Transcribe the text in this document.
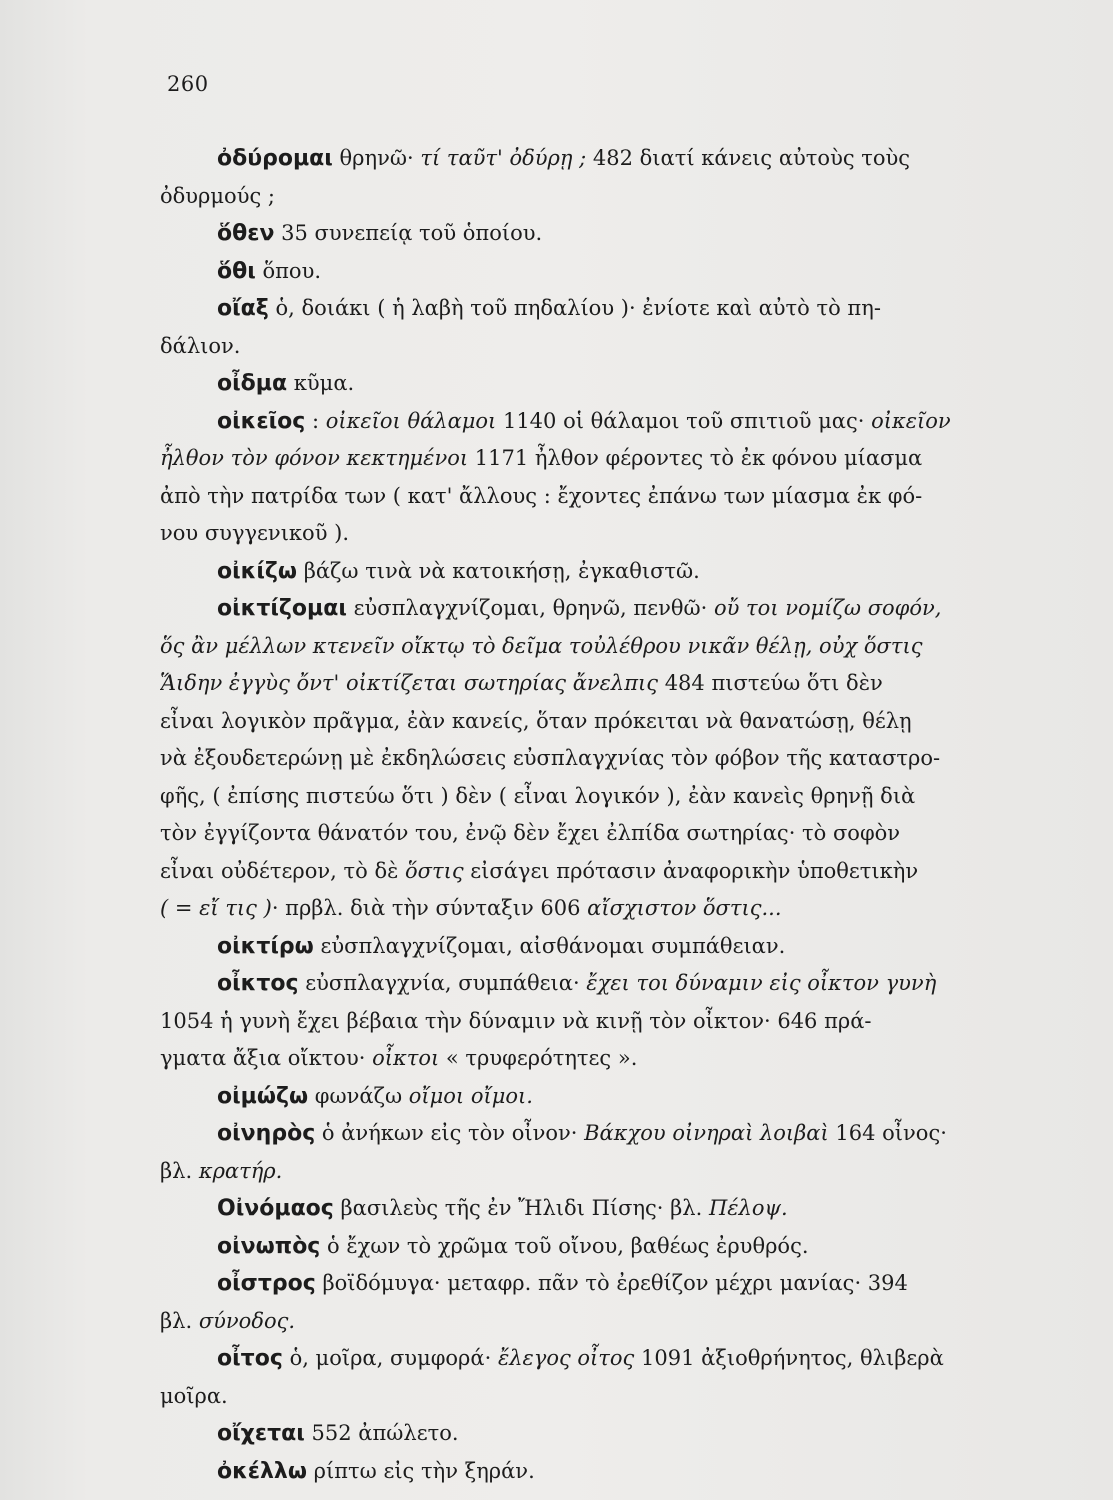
260
ὀδύρομαι θρηνῶ· τί ταῦτ' ὀδύρῃ ; 482 διατί κάνεις αὐτοὺς τοὺς
ὀδυρμούς ;
ὅθεν 35 συνεπείᾳ τοῦ ὁποίου.
ὅθι ὅπου.
οἴαξ ὁ, δοιάκι ( ἡ λαβὴ τοῦ πηδαλίου )· ἐνίοτε καὶ αὐτὸ τὸ πη-
δάλιον.
οἶδμα κῦμα.
οἰκεῖος : οἰκεῖοι θάλαμοι 1140 οἱ θάλαμοι τοῦ σπιτιοῦ μας· οἰκεῖον
ἦλθον τὸν φόνον κεκτημένοι 1171 ἦλθον φέροντες τὸ ἐκ φόνου μίασμα
ἀπὸ τὴν πατρίδα των ( κατ' ἄλλους : ἔχοντες ἐπάνω των μίασμα ἐκ φό-
νου συγγενικοῦ ).
οἰκίζω βάζω τινὰ νὰ κατοικήσῃ, ἐγκαθιστῶ.
οἰκτίζομαι εὐσπλαγχνίζομαι, θρηνῶ, πενθῶ· οὔ τοι νομίζω σοφόν,
ὅς ἂν μέλλων κτενεῖν οἴκτῳ τὸ δεῖμα τοὐλέθρου νικᾶν θέλῃ, οὐχ ὅστις
Ἅιδην ἐγγὺς ὄντ' οἰκτίζεται σωτηρίας ἄνελπις 484 πιστεύω ὅτι δὲν
εἶναι λογικὸν πρᾶγμα, ἐὰν κανείς, ὅταν πρόκειται νὰ θανατώσῃ, θέλῃ
νὰ ἐξουδετερώνῃ μὲ ἐκδηλώσεις εὐσπλαγχνίας τὸν φόβον τῆς καταστρο-
φῆς, ( ἐπίσης πιστεύω ὅτι ) δὲν ( εἶναι λογικόν ), ἐὰν κανεὶς θρηνῇ διὰ
τὸν ἐγγίζοντα θάνατόν του, ἐνῷ δὲν ἔχει ἐλπίδα σωτηρίας· τὸ σοφὸν
εἶναι οὐδέτερον, τὸ δὲ ὅστις εἰσάγει πρότασιν ἀναφορικὴν ὑποθετικὴν
( = εἴ τις )· πρβλ. διὰ τὴν σύνταξιν 606 αἴσχιστον ὅστις...
οἰκτίρω εὐσπλαγχνίζομαι, αἰσθάνομαι συμπάθειαν.
οἶκτος εὐσπλαγχνία, συμπάθεια· ἔχει τοι δύναμιν εἰς οἶκτον γυνὴ
1054 ἡ γυνὴ ἔχει βέβαια τὴν δύναμιν νὰ κινῇ τὸν οἶκτον· 646 πρά-
γματα ἄξια οἴκτου· οἶκτοι « τρυφερότητες ».
οἰμώζω φωνάζω οἴμοι οἴμοι.
οἰνηρὸς ὁ ἀνήκων εἰς τὸν οἶνον· Βάκχου οἰνηραὶ λοιβαὶ 164 οἶνος·
βλ. κρατήρ.
Οἰνόμαος βασιλεὺς τῆς ἐν Ἤλιδι Πίσης· βλ. Πέλοψ.
οἰνωπὸς ὁ ἔχων τὸ χρῶμα τοῦ οἴνου, βαθέως ἐρυθρός.
οἶστρος βοϊδόμυγα· μεταφρ. πᾶν τὸ ἐρεθίζον μέχρι μανίας· 394
βλ. σύνοδος.
οἶτος ὁ, μοῖρα, συμφορά· ἔλεγος οἶτος 1091 ἀξιοθρήνητος, θλιβερὰ
μοῖρα.
οἴχεται 552 ἀπώλετο.
ὀκέλλω ρίπτω εἰς τὴν ξηράν.
